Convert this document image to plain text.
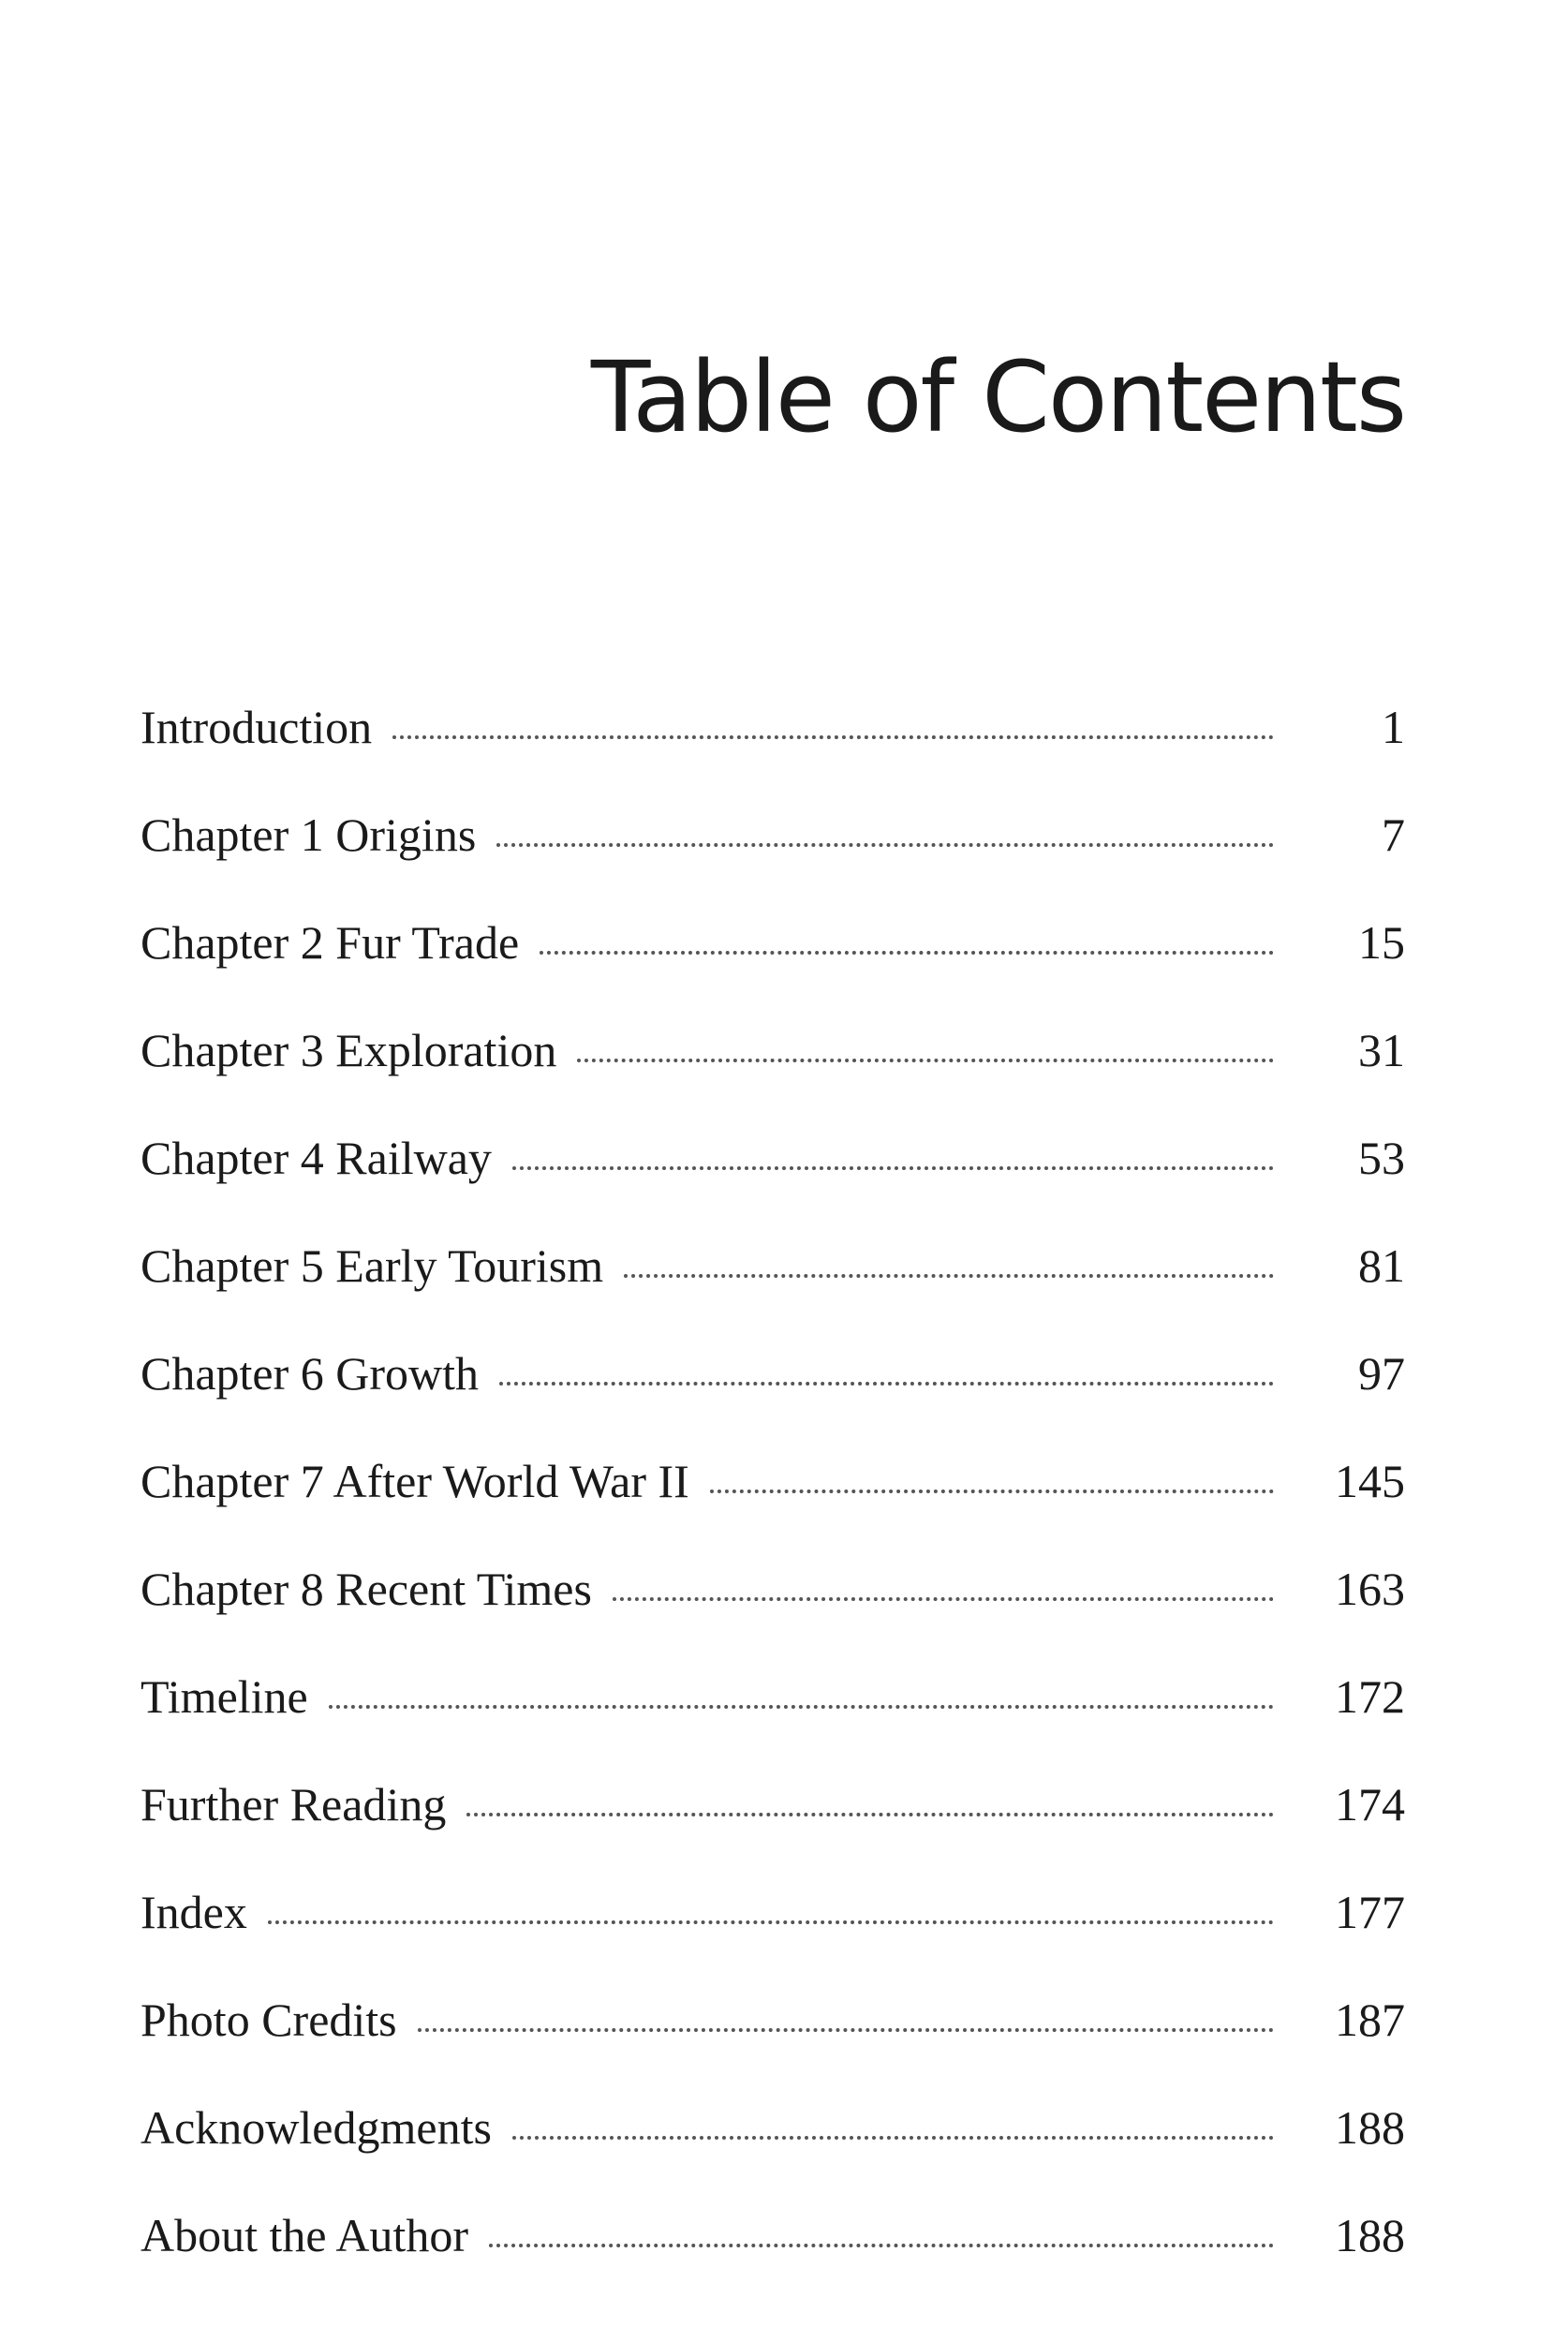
Table of Contents
Introduction	1
Chapter 1 Origins	7
Chapter 2 Fur Trade	15
Chapter 3 Exploration	31
Chapter 4 Railway	53
Chapter 5 Early Tourism	81
Chapter 6 Growth	97
Chapter 7 After World War II	145
Chapter 8 Recent Times	163
Timeline	172
Further Reading	174
Index	177
Photo Credits	187
Acknowledgments	188
About the Author	188
